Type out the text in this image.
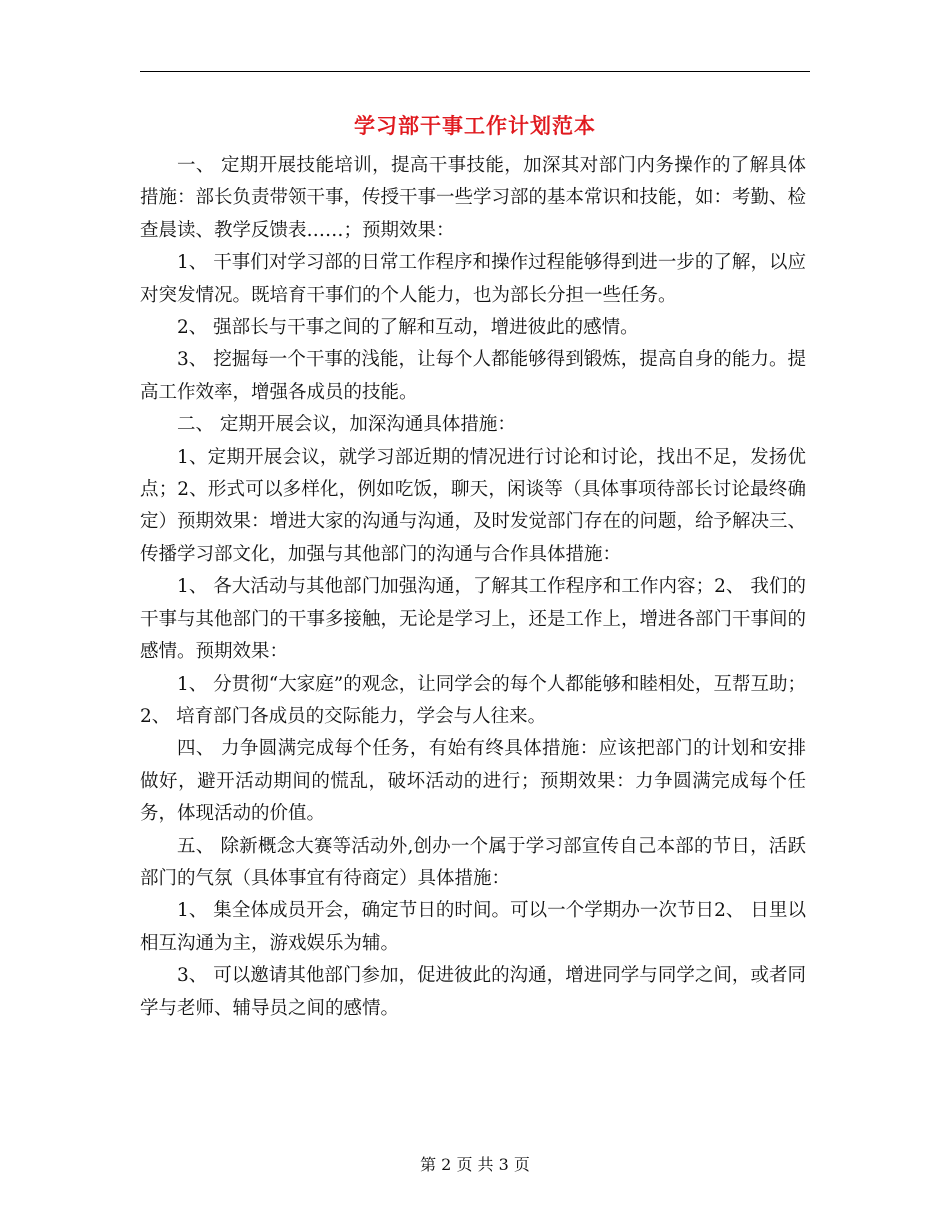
学习部干事工作计划范本

一、 定期开展技能培训，提高干事技能，加深其对部门内务操作的了解具体措施：部长负责带领干事，传授干事一些学习部的基本常识和技能，如：考勤、检查晨读、教学反馈表……；预期效果：

1、 干事们对学习部的日常工作程序和操作过程能够得到进一步的了解，以应对突发情况。既培育干事们的个人能力，也为部长分担一些任务。

2、 强部长与干事之间的了解和互动，增进彼此的感情。

3、 挖掘每一个干事的浅能，让每个人都能够得到锻炼，提高自身的能力。提高工作效率，增强各成员的技能。

二、 定期开展会议，加深沟通具体措施：

1、定期开展会议，就学习部近期的情况进行讨论和讨论，找出不足，发扬优点；2、形式可以多样化，例如吃饭，聊天，闲谈等（具体事项待部长讨论最终确定）预期效果：增进大家的沟通与沟通，及时发觉部门存在的问题，给予解决三、 传播学习部文化，加强与其他部门的沟通与合作具体措施：

1、 各大活动与其他部门加强沟通，了解其工作程序和工作内容；2、 我们的干事与其他部门的干事多接触，无论是学习上，还是工作上，增进各部门干事间的感情。预期效果：

1、 分贯彻“大家庭”的观念，让同学会的每个人都能够和睦相处，互帮互助；2、 培育部门各成员的交际能力，学会与人往来。

四、 力争圆满完成每个任务，有始有终具体措施：应该把部门的计划和安排做好，避开活动期间的慌乱，破坏活动的进行；预期效果：力争圆满完成每个任务，体现活动的价值。

五、 除新概念大赛等活动外,创办一个属于学习部宣传自己本部的节日，活跃部门的气氛（具体事宜有待商定）具体措施：

1、 集全体成员开会，确定节日的时间。可以一个学期办一次节日2、 日里以相互沟通为主，游戏娱乐为辅。

3、 可以邀请其他部门参加，促进彼此的沟通，增进同学与同学之间，或者同学与老师、辅导员之间的感情。

第 2 页 共 3 页
